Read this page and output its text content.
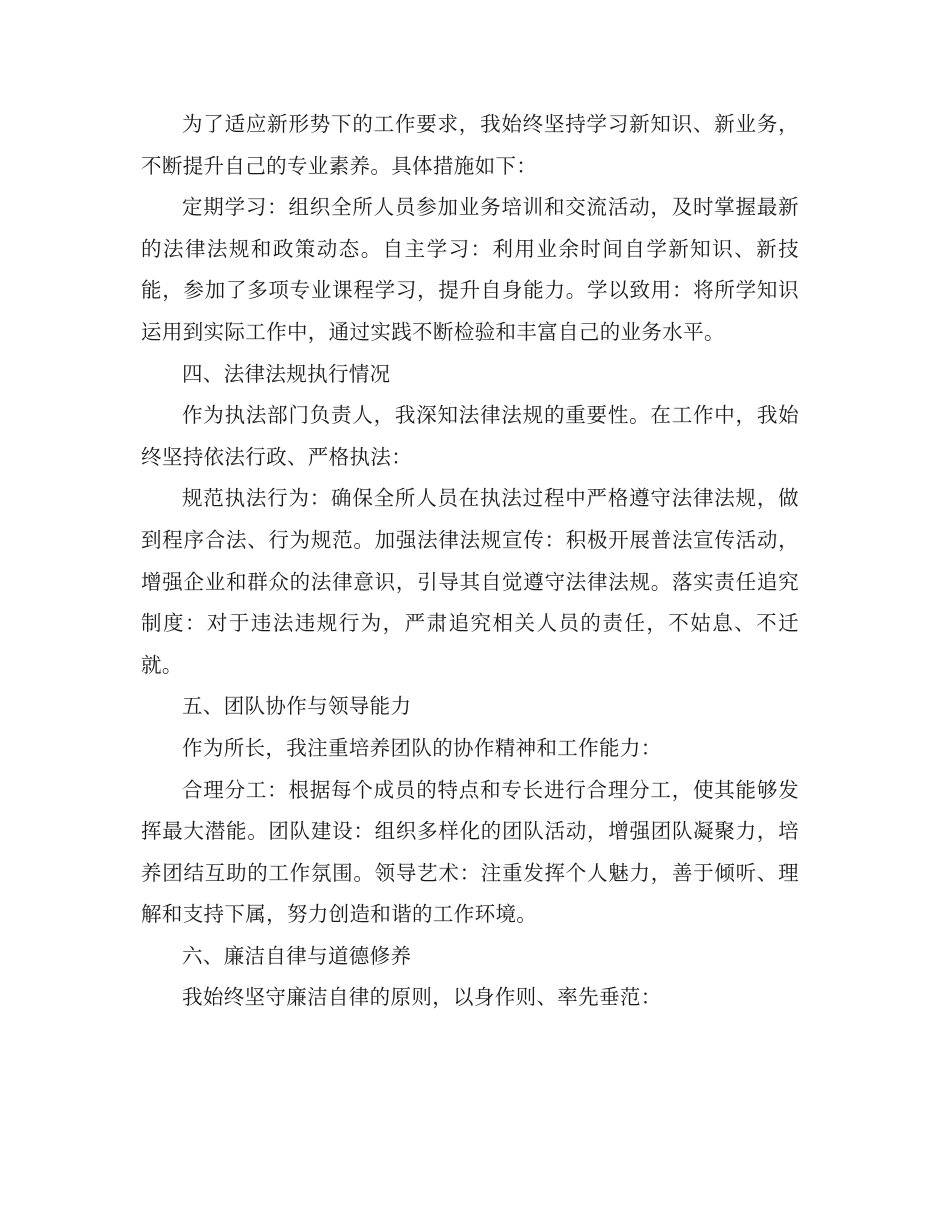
为了适应新形势下的工作要求，我始终坚持学习新知识、新业务，不断提升自己的专业素养。具体措施如下：

定期学习：组织全所人员参加业务培训和交流活动，及时掌握最新的法律法规和政策动态。自主学习：利用业余时间自学新知识、新技能，参加了多项专业课程学习，提升自身能力。学以致用：将所学知识运用到实际工作中，通过实践不断检验和丰富自己的业务水平。

四、法律法规执行情况

作为执法部门负责人，我深知法律法规的重要性。在工作中，我始终坚持依法行政、严格执法：

规范执法行为：确保全所人员在执法过程中严格遵守法律法规，做到程序合法、行为规范。加强法律法规宣传：积极开展普法宣传活动，增强企业和群众的法律意识，引导其自觉遵守法律法规。落实责任追究制度：对于违法违规行为，严肃追究相关人员的责任，不姑息、不迁就。

五、团队协作与领导能力

作为所长，我注重培养团队的协作精神和工作能力：

合理分工：根据每个成员的特点和专长进行合理分工，使其能够发挥最大潜能。团队建设：组织多样化的团队活动，增强团队凝聚力，培养团结互助的工作氛围。领导艺术：注重发挥个人魅力，善于倾听、理解和支持下属，努力创造和谐的工作环境。

六、廉洁自律与道德修养

我始终坚守廉洁自律的原则，以身作则、率先垂范：
